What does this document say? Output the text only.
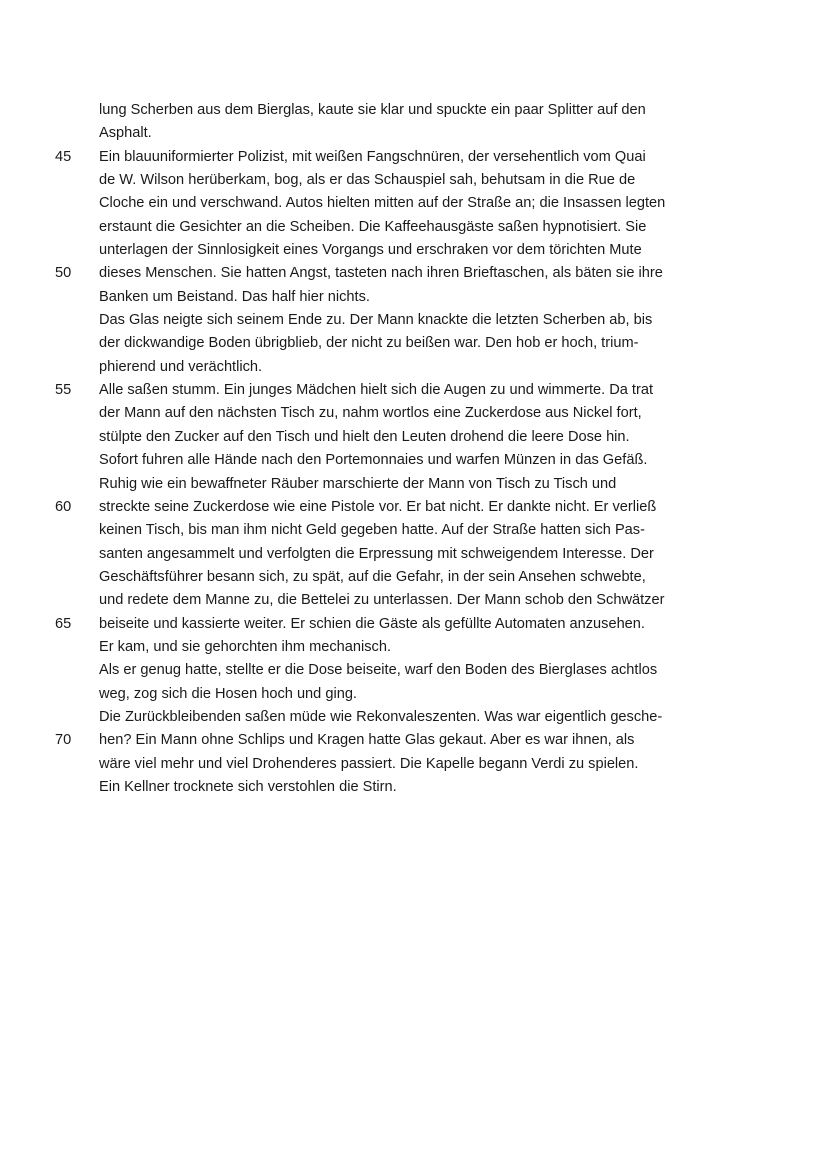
lung Scherben aus dem Bierglas, kaute sie klar und spuckte ein paar Splitter auf den
Asphalt.
45	Ein blauuniformierter Polizist, mit weißen Fangschnüren, der versehentlich vom Quai
de W. Wilson herüberkam, bog, als er das Schauspiel sah, behutsam in die Rue de
Cloche ein und verschwand. Autos hielten mitten auf der Straße an; die Insassen legten
erstaunt die Gesichter an die Scheiben. Die Kaffeehausgäste saßen hypnotisiert. Sie
unterlagen der Sinnlosigkeit eines Vorgangs und erschraken vor dem törichten Mute
50	dieses Menschen. Sie hatten Angst, tasteten nach ihren Brieftaschen, als bäten sie ihre
Banken um Beistand. Das half hier nichts.
Das Glas neigte sich seinem Ende zu. Der Mann knackte die letzten Scherben ab, bis
der dickwandige Boden übrigblieb, der nicht zu beißen war. Den hob er hoch, trium-
phierend und verächtlich.
55	Alle saßen stumm. Ein junges Mädchen hielt sich die Augen zu und wimmerte. Da trat
der Mann auf den nächsten Tisch zu, nahm wortlos eine Zuckerdose aus Nickel fort,
stülpte den Zucker auf den Tisch und hielt den Leuten drohend die leere Dose hin.
Sofort fuhren alle Hände nach den Portemonnaies und warfen Münzen in das Gefäß.
Ruhig wie ein bewaffneter Räuber marschierte der Mann von Tisch zu Tisch und
60	streckte seine Zuckerdose wie eine Pistole vor. Er bat nicht. Er dankte nicht. Er verließ
keinen Tisch, bis man ihm nicht Geld gegeben hatte. Auf der Straße hatten sich Pas-
santen angesammelt und verfolgten die Erpressung mit schweigendem Interesse. Der
Geschäftsführer besann sich, zu spät, auf die Gefahr, in der sein Ansehen schwebte,
und redete dem Manne zu, die Bettelei zu unterlassen. Der Mann schob den Schwätzer
65	beiseite und kassierte weiter. Er schien die Gäste als gefüllte Automaten anzusehen.
Er kam, und sie gehorchten ihm mechanisch.
Als er genug hatte, stellte er die Dose beiseite, warf den Boden des Bierglases achtlos
weg, zog sich die Hosen hoch und ging.
Die Zurückbleibenden saßen müde wie Rekonvaleszenten. Was war eigentlich gesche-
70	hen? Ein Mann ohne Schlips und Kragen hatte Glas gekaut. Aber es war ihnen, als
wäre viel mehr und viel Drohenderes passiert. Die Kapelle begann Verdi zu spielen.
Ein Kellner trocknete sich verstohlen die Stirn.
